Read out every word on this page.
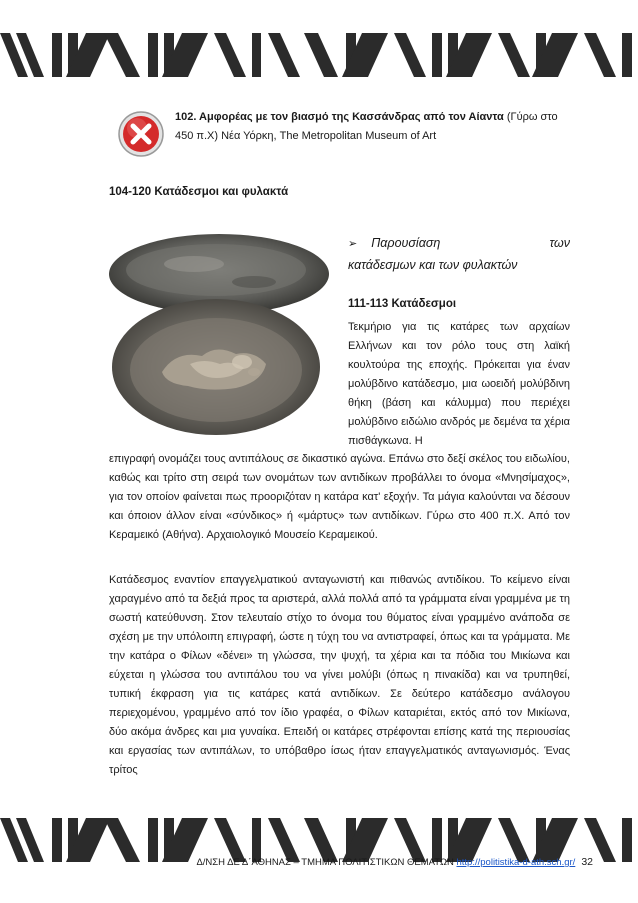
102. Αμφορέας με τον βιασμό της Κασσάνδρας από τον Αίαντα (Γύρω στο 450 π.Χ) Νέα Υόρκη, The Metropolitan Museum of Art
104-120 Κατάδεσμοι και φυλακτά
➢ Παρουσίαση	των
κατάδεσμων και των φυλακτών
111-113 Κατάδεσμοι
Τεκμήριο για τις κατάρες των αρχαίων Ελλήνων και τον ρόλο τους στη λαϊκή κουλτούρα της εποχής. Πρόκειται για έναν μολύβδινο κατάδεσμο, μια ωοειδή μολύβδινη θήκη (βάση και κάλυμμα) που περιέχει μολύβδινο ειδώλιο ανδρός με δεμένα τα χέρια πισθάγκωνα. Η
επιγραφή ονομάζει τους αντιπάλους σε δικαστικό αγώνα. Επάνω στο δεξί σκέλος του ειδωλίου, καθώς και τρίτο στη σειρά των ονομάτων των αντιδίκων προβάλλει το όνομα «Μνησίμαχος», για τον οποίον φαίνεται πως προοριζόταν η κατάρα κατ' εξοχήν. Τα μάγια καλούνται να δέσουν και όποιον άλλον είναι «σύνδικος» ή «μάρτυς» των αντιδίκων. Γύρω στο 400 π.Χ. Από τον Κεραμεικό (Αθήνα). Αρχαιολογικό Μουσείο Κεραμεικού.
Κατάδεσμος εναντίον επαγγελματικού ανταγωνιστή και πιθανώς αντιδίκου. Το κείμενο είναι χαραγμένο από τα δεξιά προς τα αριστερά, αλλά πολλά από τα γράμματα είναι γραμμένα με τη σωστή κατεύθυνση. Στον τελευταίο στίχο το όνομα του θύματος είναι γραμμένο ανάποδα σε σχέση με την υπόλοιπη επιγραφή, ώστε η τύχη του να αντιστραφεί, όπως και τα γράμματα. Με την κατάρα ο Φίλων «δένει» τη γλώσσα, την ψυχή, τα χέρια και τα πόδια του Μικίωνα και εύχεται η γλώσσα του αντιπάλου του να γίνει μολύβι (όπως η πινακίδα) και να τρυπηθεί, τυπική έκφραση για τις κατάρες κατά αντιδίκων. Σε δεύτερο κατάδεσμο ανάλογου περιεχομένου, γραμμένο από τον ίδιο γραφέα, ο Φίλων καταριέται, εκτός από τον Μικίωνα, δύο ακόμα άνδρες και μια γυναίκα. Επειδή οι κατάρες στρέφονται επίσης κατά της περιουσίας και εργασίας των αντιπάλων, το υπόβαθρο ίσως ήταν επαγγελματικός ανταγωνισμός. Ένας τρίτος
Δ/ΝΣΗ ΔΕ Δ΄ΑΘΗΝΑΣ – ΤΜΗΜΑ ΠΟΛΙΤΙΣΤΙΚΩΝ ΘΕΜΑΤΩΝ http://politistika-d-ath.sch.gr/ 32
